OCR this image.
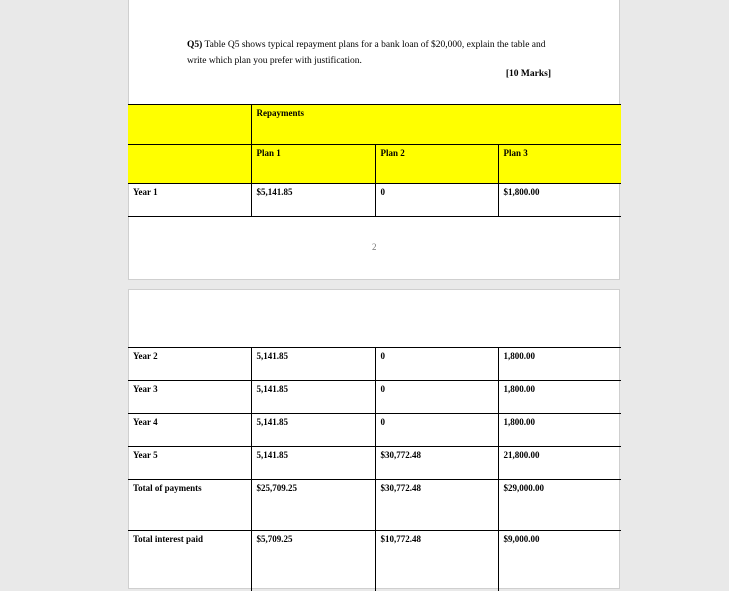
Q5) Table Q5 shows typical repayment plans for a bank loan of $20,000, explain the table and write which plan you prefer with justification.
[10 Marks]
	Repayments		
	Plan 1	Plan 2	Plan 3
Year 1	$5,141.85	0	$1,800.00
2
Year 2	5,141.85	0	1,800.00
Year 3	5,141.85	0	1,800.00
Year 4	5,141.85	0	1,800.00
Year 5	5,141.85	$30,772.48	21,800.00
Total of payments	$25,709.25	$30,772.48	$29,000.00
Total interest paid	$5,709.25	$10,772.48	$9,000.00
